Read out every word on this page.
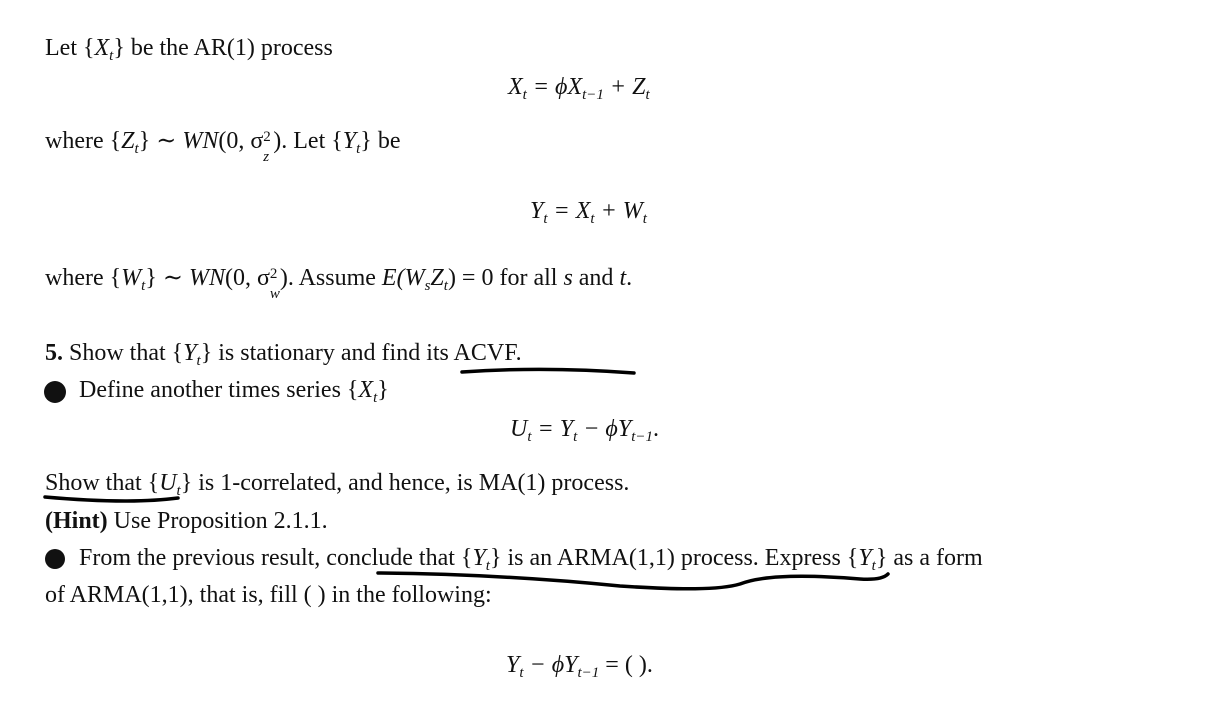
Let $\{X_t\}$ be the AR(1) process
$X_t = \phi X_{t-1} + Z_t$
where $\{Z_t\}$ ∼ WN(0, σ 2
z
). Let $\{Y_t\}$ be
$Y_t = X_t + W_t$
where $\{W_t\}$ ∼ WN(0, σ 2
w
). Assume $E(W_sZ_t) = 0$ for all s and t.
5. Show that $\{Y_t\}$ is stationary and find its ACVF.
Define another times series $\{X_t\}$
$U_t = Y_t - \phi Y_{t-1}$.
Show that $\{U_t\}$ is 1-correlated, and hence, is MA(1) process.
(Hint) Use Proposition 2.1.1.
From the previous result, conclude that $\{Y_t\}$ is an ARMA(1,1) process. Express $\{Y_t\}$ as a form
of ARMA(1,1), that is, fill ( ) in the following:
$Y_t - \phi Y_{t-1}$ = ( ).
